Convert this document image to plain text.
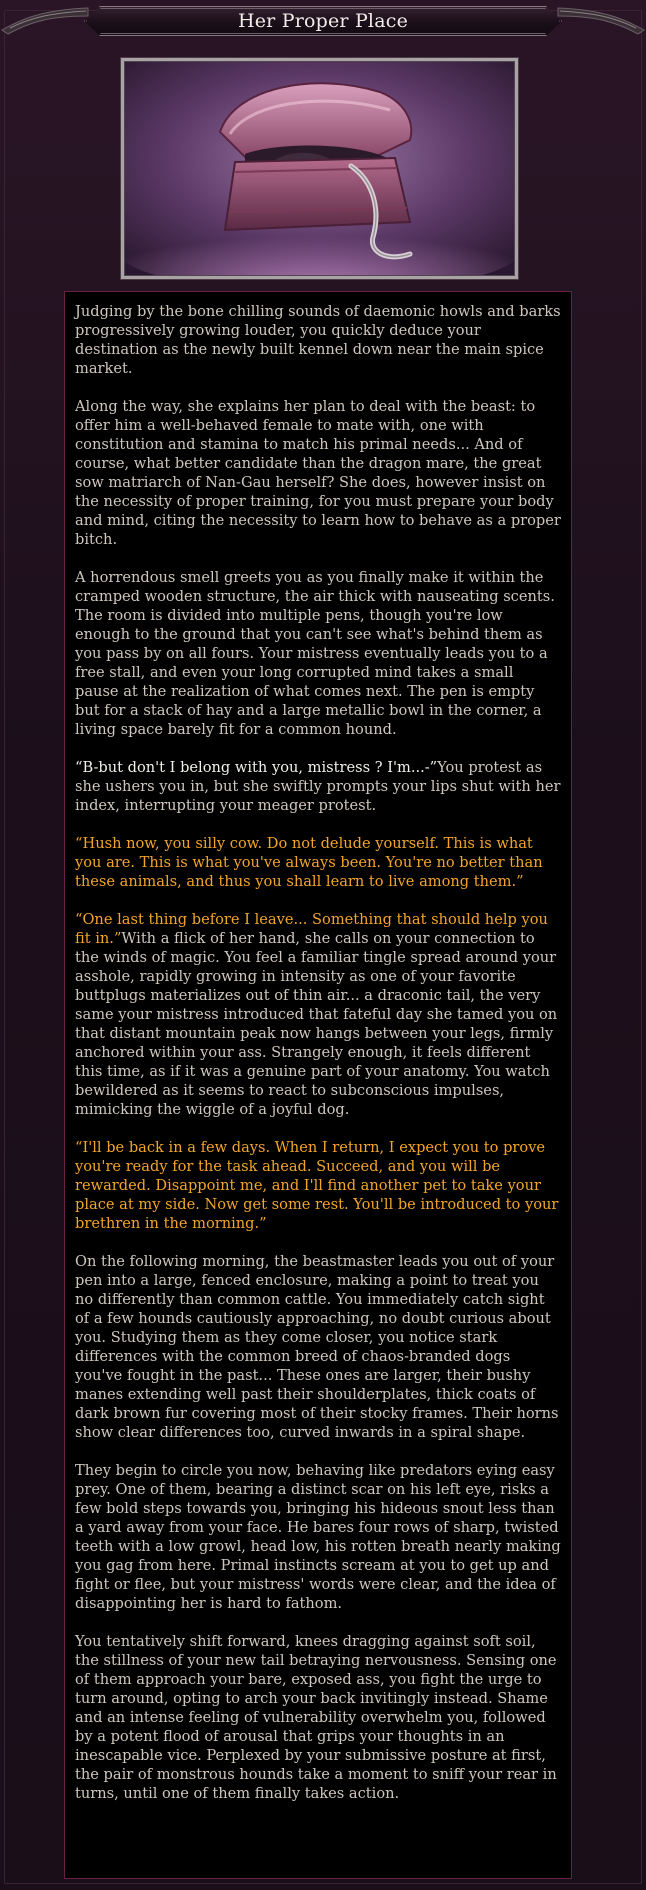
Her Proper Place

Judging by the bone chilling sounds of daemonic howls and barks progressively growing louder, you quickly deduce your destination as the newly built kennel down near the main spice market.

Along the way, she explains her plan to deal with the beast: to offer him a well-behaved female to mate with, one with constitution and stamina to match his primal needs... And of course, what better candidate than the dragon mare, the great sow matriarch of Nan-Gau herself? She does, however insist on the necessity of proper training, for you must prepare your body and mind, citing the necessity to learn how to behave as a proper bitch.

A horrendous smell greets you as you finally make it within the cramped wooden structure, the air thick with nauseating scents. The room is divided into multiple pens, though you're low enough to the ground that you can't see what's behind them as you pass by on all fours. Your mistress eventually leads you to a free stall, and even your long corrupted mind takes a small pause at the realization of what comes next. The pen is empty but for a stack of hay and a large metallic bowl in the corner, a living space barely fit for a common hound.

“B-but don't I belong with you, mistress ? I'm...-”You protest as she ushers you in, but she swiftly prompts your lips shut with her index, interrupting your meager protest.

“Hush now, you silly cow. Do not delude yourself. This is what you are. This is what you've always been. You're no better than these animals, and thus you shall learn to live among them.”

“One last thing before I leave... Something that should help you fit in.”With a flick of her hand, she calls on your connection to the winds of magic. You feel a familiar tingle spread around your asshole, rapidly growing in intensity as one of your favorite buttplugs materializes out of thin air... a draconic tail, the very same your mistress introduced that fateful day she tamed you on that distant mountain peak now hangs between your legs, firmly anchored within your ass. Strangely enough, it feels different this time, as if it was a genuine part of your anatomy. You watch bewildered as it seems to react to subconscious impulses, mimicking the wiggle of a joyful dog.

“I'll be back in a few days. When I return, I expect you to prove you're ready for the task ahead. Succeed, and you will be rewarded. Disappoint me, and I'll find another pet to take your place at my side. Now get some rest. You'll be introduced to your brethren in the morning.”

On the following morning, the beastmaster leads you out of your pen into a large, fenced enclosure, making a point to treat you no differently than common cattle. You immediately catch sight of a few hounds cautiously approaching, no doubt curious about you. Studying them as they come closer, you notice stark differences with the common breed of chaos-branded dogs you've fought in the past... These ones are larger, their bushy manes extending well past their shoulderplates, thick coats of dark brown fur covering most of their stocky frames. Their horns show clear differences too, curved inwards in a spiral shape.

They begin to circle you now, behaving like predators eying easy prey. One of them, bearing a distinct scar on his left eye, risks a few bold steps towards you, bringing his hideous snout less than a yard away from your face. He bares four rows of sharp, twisted teeth with a low growl, head low, his rotten breath nearly making you gag from here. Primal instincts scream at you to get up and fight or flee, but your mistress' words were clear, and the idea of disappointing her is hard to fathom.

You tentatively shift forward, knees dragging against soft soil, the stillness of your new tail betraying nervousness. Sensing one of them approach your bare, exposed ass, you fight the urge to turn around, opting to arch your back invitingly instead. Shame and an intense feeling of vulnerability overwhelm you, followed by a potent flood of arousal that grips your thoughts in an inescapable vice. Perplexed by your submissive posture at first, the pair of monstrous hounds take a moment to sniff your rear in turns, until one of them finally takes action.
